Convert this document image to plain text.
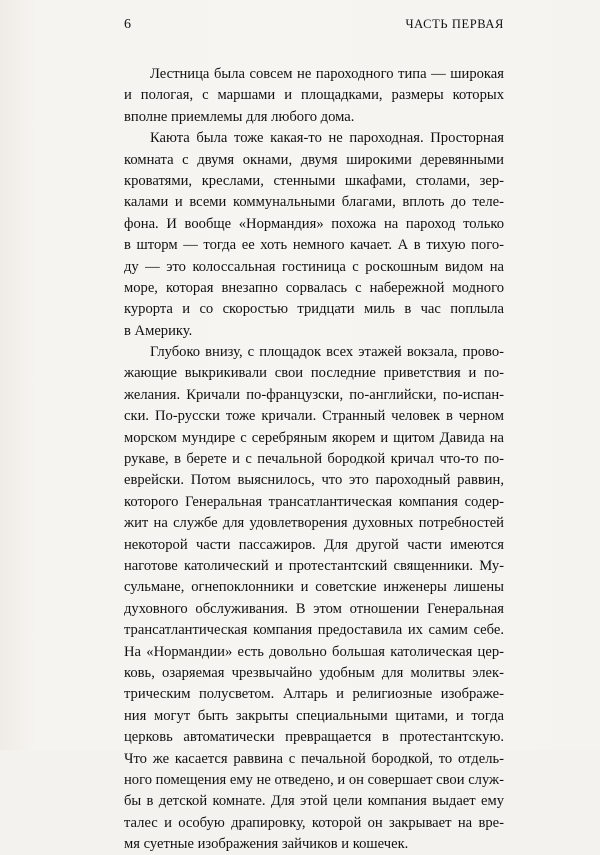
6	ЧАСТЬ ПЕРВАЯ
Лестница была совсем не пароходного типа — широкая
и пологая, с маршами и площадками, размеры которых
вполне приемлемы для любого дома.
Каюта была тоже какая-то не пароходная. Просторная
комната с двумя окнами, двумя широкими деревянными
кроватями, креслами, стенными шкафами, столами, зер-
калами и всеми коммунальными благами, вплоть до теле-
фона. И вообще «Нормандия» похожа на пароход только
в шторм — тогда ее хоть немного качает. А в тихую пого-
ду — это колоссальная гостиница с роскошным видом на
море, которая внезапно сорвалась с набережной модного
курорта и со скоростью тридцати миль в час поплыла
в Америку.
Глубоко внизу, с площадок всех этажей вокзала, прово-
жающие выкрикивали свои последние приветствия и по-
желания. Кричали по-французски, по-английски, по-испан-
ски. По-русски тоже кричали. Странный человек в черном
морском мундире с серебряным якорем и щитом Давида на
рукаве, в берете и с печальной бородкой кричал что-то по-
еврейски. Потом выяснилось, что это пароходный раввин,
которого Генеральная трансатлантическая компания содер-
жит на службе для удовлетворения духовных потребностей
некоторой части пассажиров. Для другой части имеются
наготове католический и протестантский священники. Му-
сульмане, огнепоклонники и советские инженеры лишены
духовного обслуживания. В этом отношении Генеральная
трансатлантическая компания предоставила их самим себе.
На «Нормандии» есть довольно большая католическая цер-
ковь, озаряемая чрезвычайно удобным для молитвы элек-
трическим полусветом. Алтарь и религиозные изображе-
ния могут быть закрыты специальными щитами, и тогда
церковь автоматически превращается в протестантскую.
Что же касается раввина с печальной бородкой, то отдель-
ного помещения ему не отведено, и он совершает свои служ-
бы в детской комнате. Для этой цели компания выдает ему
талес и особую драпировку, которой он закрывает на вре-
мя суетные изображения зайчиков и кошечек.
